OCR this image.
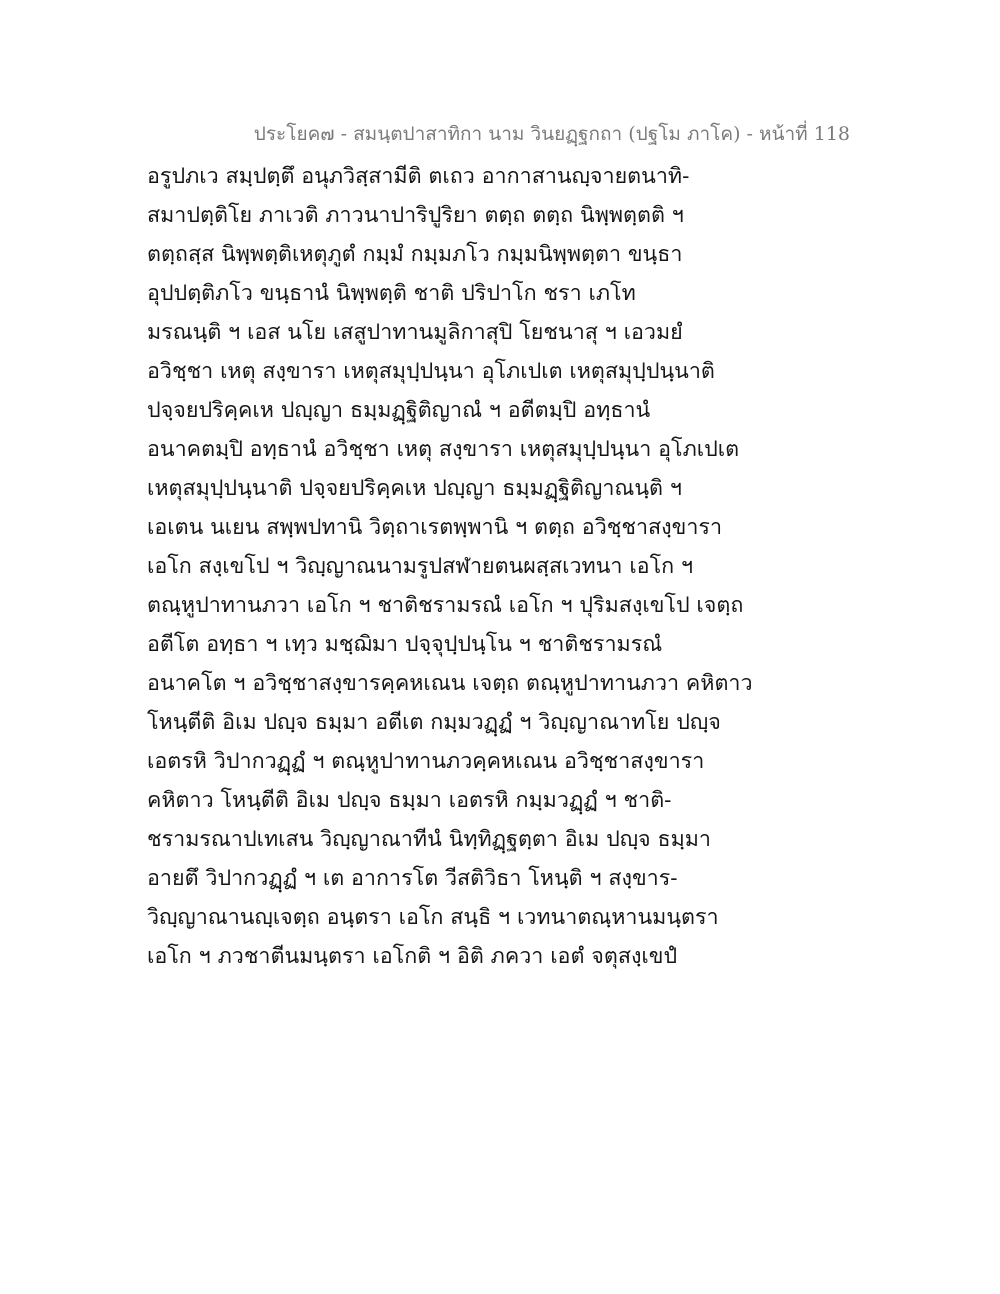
ประโยค๗ - สมนฺตปาสาทิกา นาม วินยฏฺฐกถา (ปฐโม ภาโค) - หน้าที่ 118
อรูปภเว สมฺปตฺตึ อนุภวิสฺสามีติ ตเถว อากาสานญฺจายตนาทิ-
สมาปตฺติโย ภาเวติ ภาวนาปาริปูริยา ตตฺถ ตตฺถ นิพฺพตฺตติ ฯ
ตตฺถสฺส นิพฺพตฺติเหตุภูตํ กมฺมํ กมฺมภโว กมฺมนิพฺพตฺตา ขนฺธา
อุปปตฺติภโว ขนฺธานํ นิพฺพตฺติ ชาติ ปริปาโก ชรา เภโท
มรณนฺติ ฯ เอส นโย เสสูปาทานมูลิกาสุปิ โยชนาสุ ฯ เอวมยํ
อวิชฺชา เหตุ สงฺขารา เหตุสมุปฺปนฺนา อุโภเปเต เหตุสมุปฺปนฺนาติ
ปจฺจยปริคฺคเห ปญฺญา ธมฺมฏฺฐิติญาณํ ฯ อตีตมฺปิ อทฺธานํ
อนาคตมฺปิ อทฺธานํ อวิชฺชา เหตุ สงฺขารา เหตุสมุปฺปนฺนา อุโภเปเต
เหตุสมุปฺปนฺนาติ ปจฺจยปริคฺคเห ปญฺญา ธมฺมฏฺฐิติญาณนฺติ ฯ
เอเตน นเยน สพฺพปทานิ วิตฺถาเรตพฺพานิ ฯ ตตฺถ อวิชฺชาสงฺขารา
เอโก สงฺเขโป ฯ วิญฺญาณนามรูปสฬายตนผสฺสเวทนา เอโก ฯ
ตณฺหูปาทานภวา เอโก ฯ ชาติชรามรณํ เอโก ฯ ปุริมสงฺเขโป เจตฺถ
อตีโต อทฺธา ฯ เทฺว มชฺฌิมา ปจฺจุปฺปนฺโน ฯ ชาติชรามรณํ
อนาคโต ฯ อวิชฺชาสงฺขารคฺคหเณน เจตฺถ ตณฺหูปาทานภวา คหิตาว
โหนฺตีติ อิเม ปญฺจ ธมฺมา อตีเต กมฺมวฏฺฏํ ฯ วิญฺญาณาทโย ปญฺจ
เอตรหิ วิปากวฏฺฏํ ฯ ตณฺหูปาทานภวคฺคหเณน อวิชฺชาสงฺขารา
คหิตาว โหนฺตีติ อิเม ปญฺจ ธมฺมา เอตรหิ กมฺมวฏฺฏํ ฯ ชาติ-
ชรามรณาปเทเสน วิญฺญาณาทีนํ นิทฺทิฏฺฐตฺตา อิเม ปญฺจ ธมฺมา
อายตึ วิปากวฏฺฏํ ฯ เต อาการโต วีสติวิธา โหนฺติ ฯ สงฺขาร-
วิญฺญาณานญฺเจตฺถ อนฺตรา เอโก สนฺธิ ฯ เวทนาตณฺหานมนฺตรา
เอโก ฯ ภวชาตีนมนฺตรา เอโกติ ฯ อิติ ภควา เอตํ จตุสงฺเขปํ
